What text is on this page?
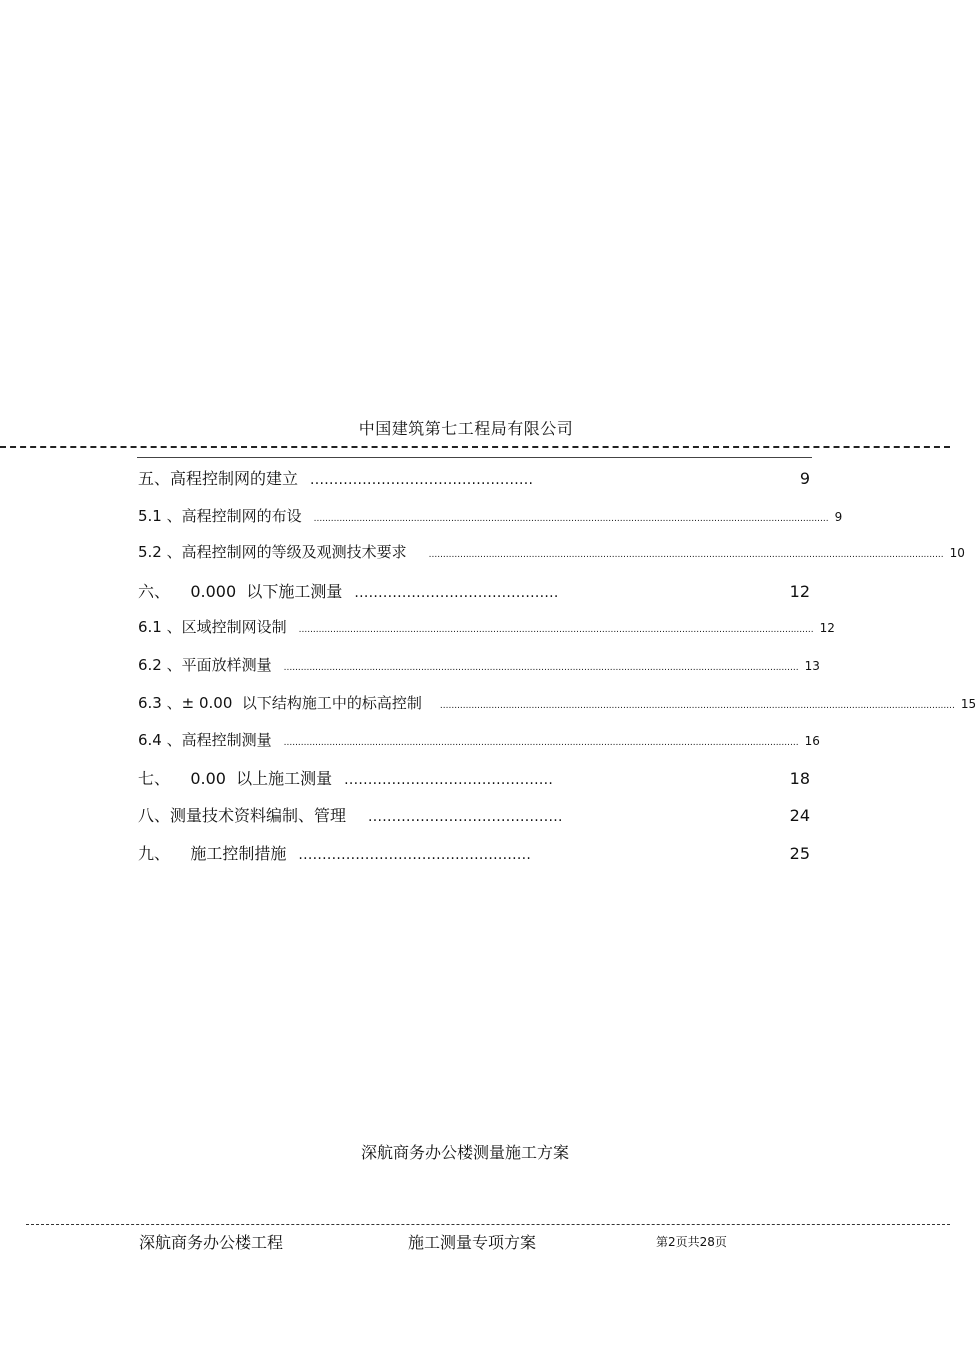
中国建筑第七工程局有限公司
五、高程控制网的建立 ...............................................	9
5.1 、高程控制网的布设 .................................................................................................................................................................................... 9
5.2 、高程控制网的等级及观测技术要求 .................................................................................................................................................................................... 10
六、    0.000  以下施工测量 ...........................................	12
6.1 、区域控制网设制 .................................................................................................................................................................................... 12
6.2 、平面放样测量 .................................................................................................................................................................................... 13
6.3 、± 0.00  以下结构施工中的标高控制 .................................................................................................................................................................................... 15
6.4 、高程控制测量 .................................................................................................................................................................................... 16
七、    0.00  以上施工测量 ............................................	18
八、测量技术资料编制、管理 .........................................	24
九、    施工控制措施 .................................................	25
深航商务办公楼测量施工方案
深航商务办公楼工程	施工测量专项方案	第2页共28页
